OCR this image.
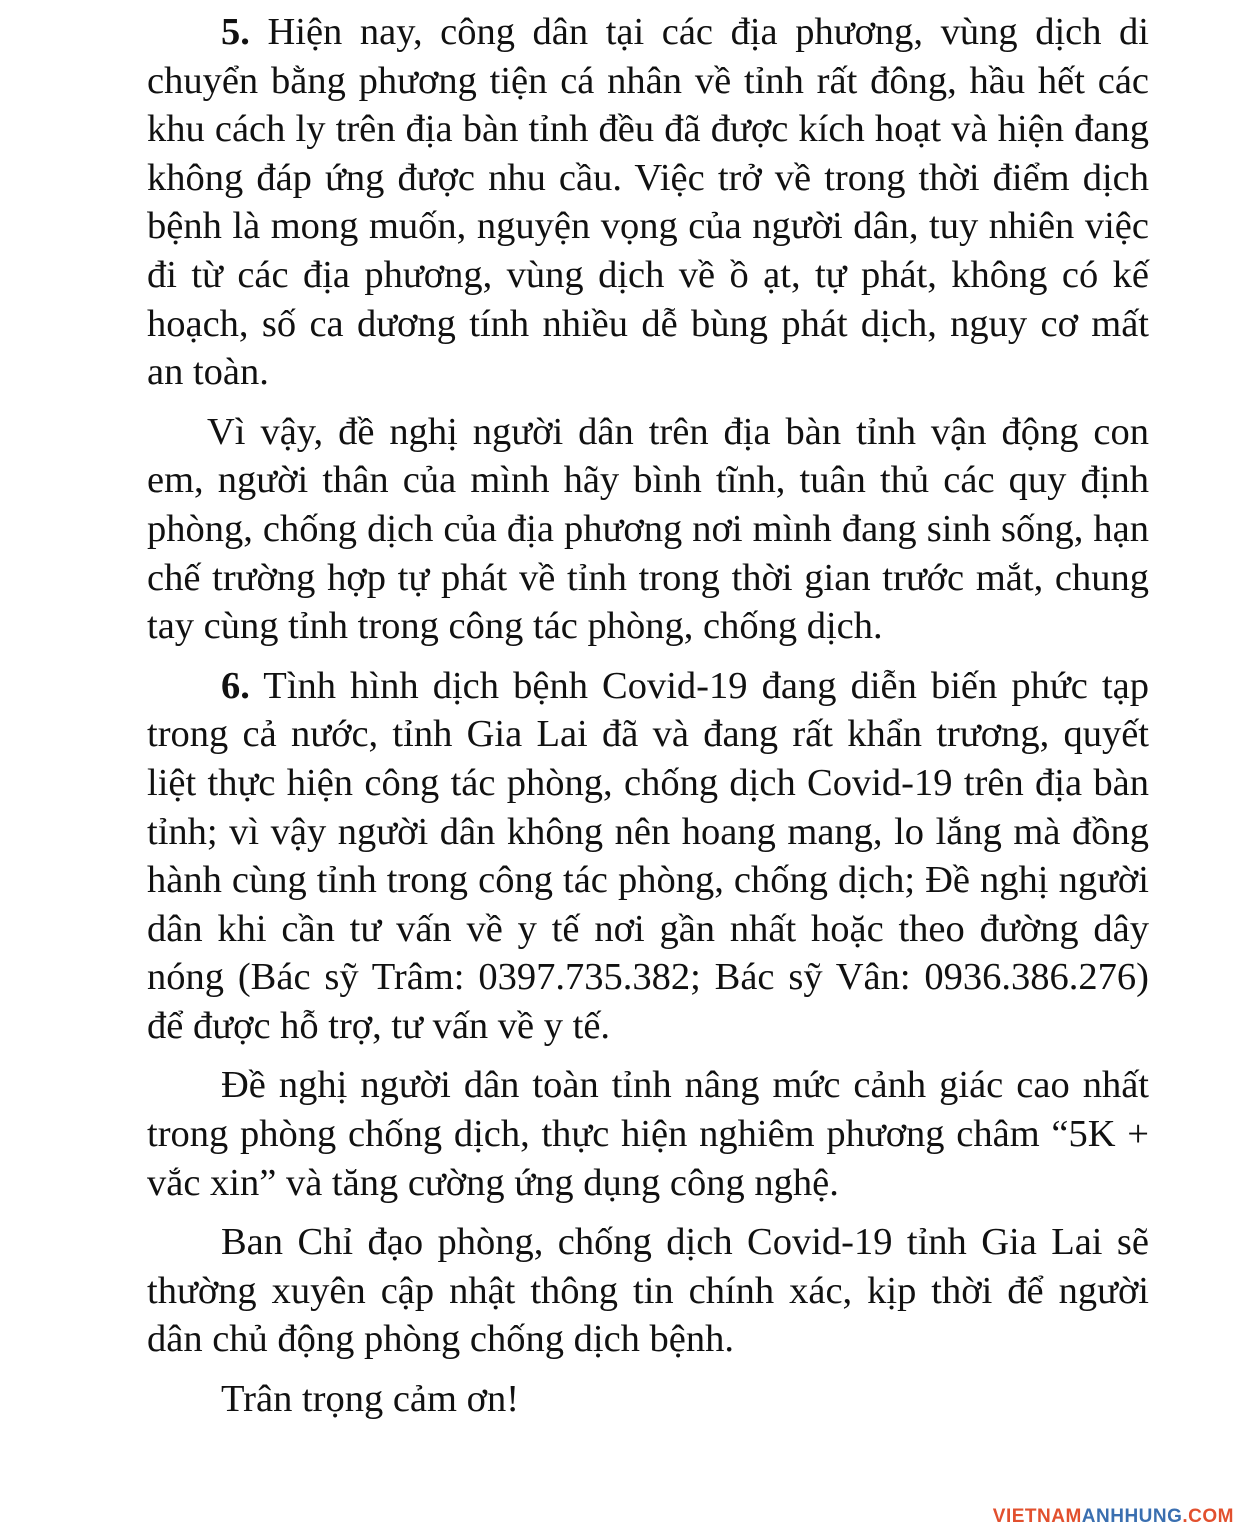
5. Hiện nay, công dân tại các địa phương, vùng dịch di chuyển bằng phương tiện cá nhân về tỉnh rất đông, hầu hết các khu cách ly trên địa bàn tỉnh đều đã được kích hoạt và hiện đang không đáp ứng được nhu cầu. Việc trở về trong thời điểm dịch bệnh là mong muốn, nguyện vọng của người dân, tuy nhiên việc đi từ các địa phương, vùng dịch về ồ ạt, tự phát, không có kế hoạch, số ca dương tính nhiều dễ bùng phát dịch, nguy cơ mất an toàn.

Vì vậy, đề nghị người dân trên địa bàn tỉnh vận động con em, người thân của mình hãy bình tĩnh, tuân thủ các quy định phòng, chống dịch của địa phương nơi mình đang sinh sống, hạn chế trường hợp tự phát về tỉnh trong thời gian trước mắt, chung tay cùng tỉnh trong công tác phòng, chống dịch.

6. Tình hình dịch bệnh Covid-19 đang diễn biến phức tạp trong cả nước, tỉnh Gia Lai đã và đang rất khẩn trương, quyết liệt thực hiện công tác phòng, chống dịch Covid-19 trên địa bàn tỉnh; vì vậy người dân không nên hoang mang, lo lắng mà đồng hành cùng tỉnh trong công tác phòng, chống dịch; Đề nghị người dân khi cần tư vấn về y tế nơi gần nhất hoặc theo đường dây nóng (Bác sỹ Trâm: 0397.735.382; Bác sỹ Vân: 0936.386.276) để được hỗ trợ, tư vấn về y tế.

Đề nghị người dân toàn tỉnh nâng mức cảnh giác cao nhất trong phòng chống dịch, thực hiện nghiêm phương châm “5K + vắc xin” và tăng cường ứng dụng công nghệ.

Ban Chỉ đạo phòng, chống dịch Covid-19 tỉnh Gia Lai sẽ thường xuyên cập nhật thông tin chính xác, kịp thời để người dân chủ động phòng chống dịch bệnh.

Trân trọng cảm ơn!

VIETNAMANHHUNG.COM
